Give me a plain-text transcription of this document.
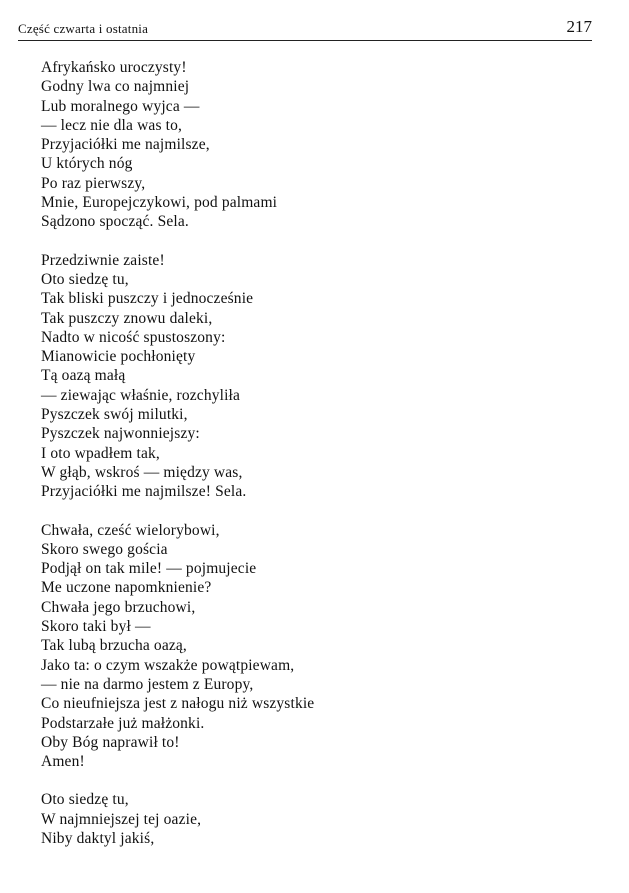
Część czwarta i ostatnia	217
Afrykańsko uroczysty!
Godny lwa co najmniej
Lub moralnego wyjca —
— lecz nie dla was to,
Przyjaciółki me najmilsze,
U których nóg
Po raz pierwszy,
Mnie, Europejczykowi, pod palmami
Sądzono spocząć. Sela.
Przedziwnie zaiste!
Oto siedzę tu,
Tak bliski puszczy i jednocześnie
Tak puszczy znowu daleki,
Nadto w nicość spustoszony:
Mianowicie pochłonięty
Tą oazą małą
— ziewając właśnie, rozchyliła
Pyszczek swój milutki,
Pyszczek najwonniejszy:
I oto wpadłem tak,
W głąb, wskroś — między was,
Przyjaciółki me najmilsze! Sela.
Chwała, cześć wielorybowi,
Skoro swego gościa
Podjął on tak mile! — pojmujecie
Me uczone napomknienie?
Chwała jego brzuchowi,
Skoro taki był —
Tak lubą brzucha oazą,
Jako ta: o czym wszakże powątpiewam,
— nie na darmo jestem z Europy,
Co nieufniejsza jest z nałogu niż wszystkie
Podstarzałe już małżonki.
Oby Bóg naprawił to!
Amen!
Oto siedzę tu,
W najmniejszej tej oazie,
Niby daktyl jakiś,
